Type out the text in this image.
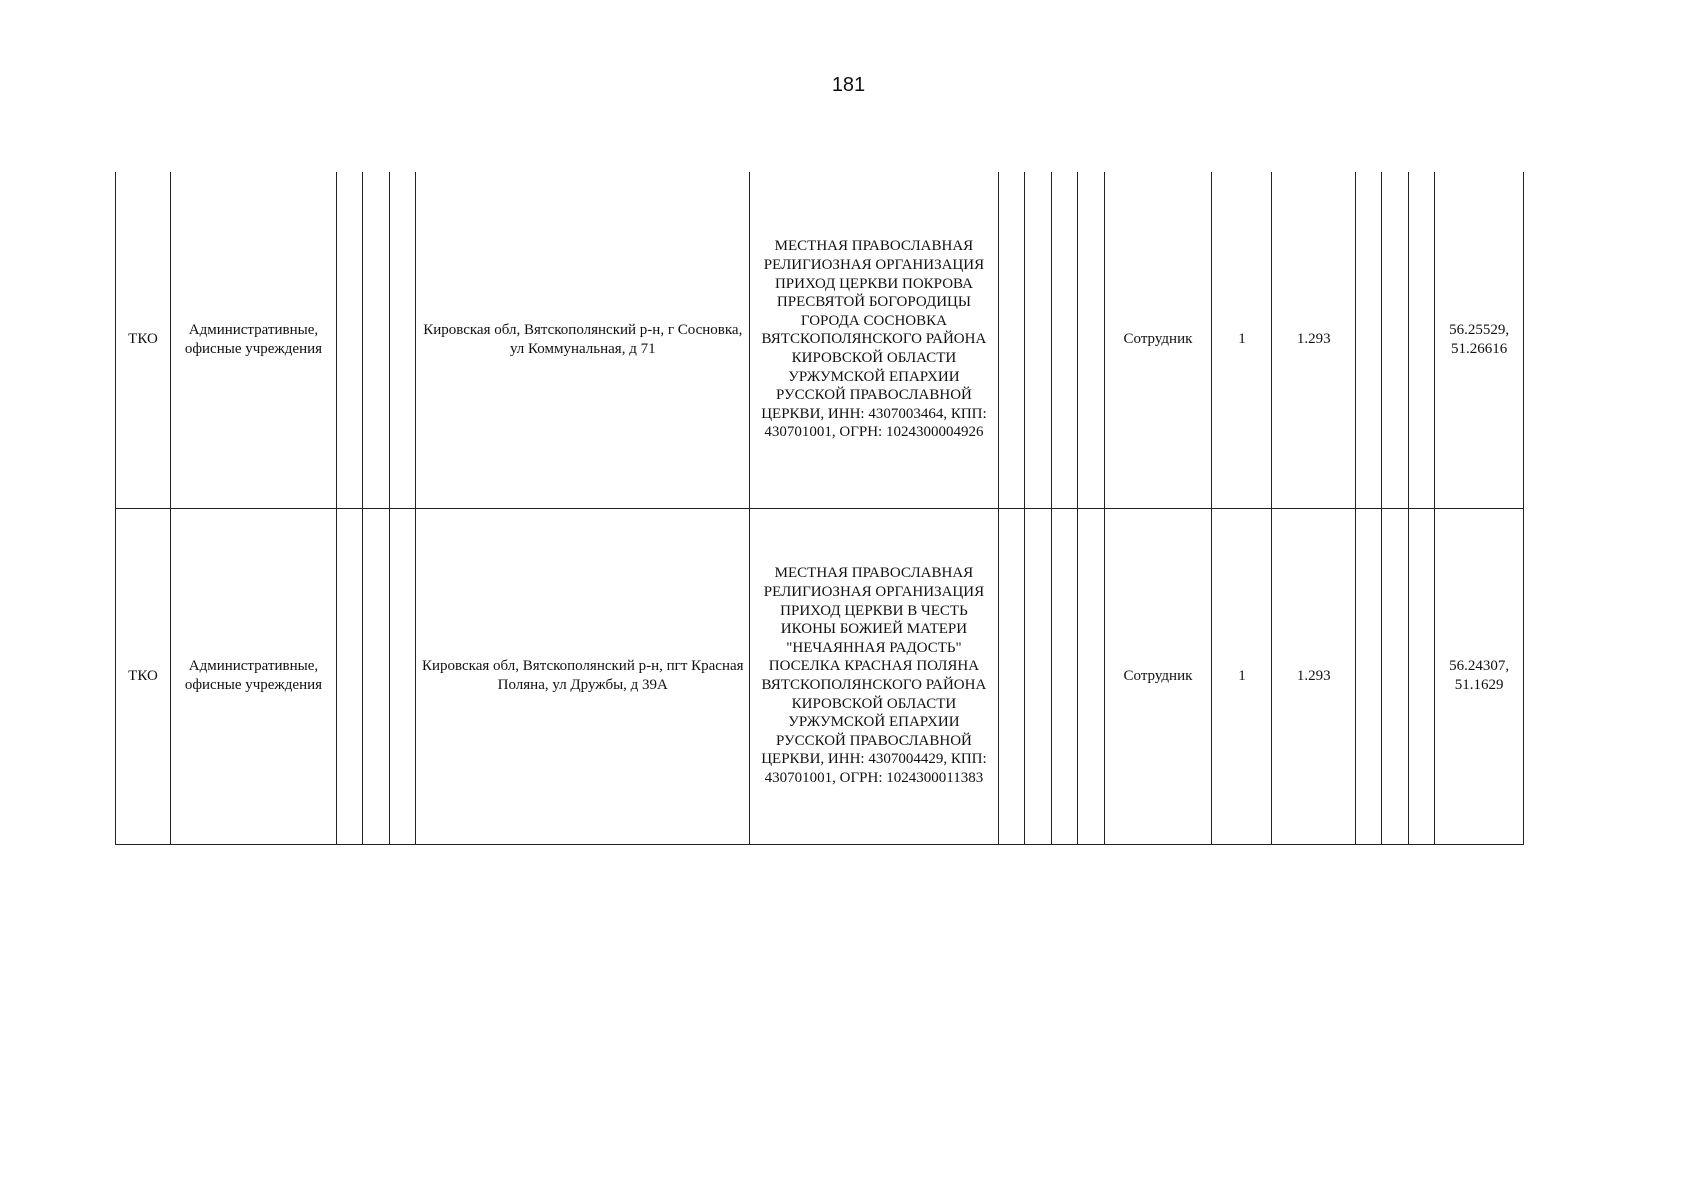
181
ТКО	Административные, офисные учреждения				Кировская обл, Вятскополянский р-н, г Сосновка, ул Коммунальная, д 71	МЕСТНАЯ ПРАВОСЛАВНАЯ РЕЛИГИОЗНАЯ ОРГАНИЗАЦИЯ ПРИХОД ЦЕРКВИ ПОКРОВА ПРЕСВЯТОЙ БОГОРОДИЦЫ ГОРОДА СОСНОВКА ВЯТСКОПОЛЯНСКОГО РАЙОНА КИРОВСКОЙ ОБЛАСТИ УРЖУМСКОЙ ЕПАРХИИ РУССКОЙ ПРАВОСЛАВНОЙ ЦЕРКВИ, ИНН: 4307003464, КПП: 430701001, ОГРН: 1024300004926					Сотрудник	1	1.293				56.25529, 51.26616
ТКО	Административные, офисные учреждения				Кировская обл, Вятскополянский р-н, пгт Красная Поляна, ул Дружбы, д 39А	МЕСТНАЯ ПРАВОСЛАВНАЯ РЕЛИГИОЗНАЯ ОРГАНИЗАЦИЯ ПРИХОД ЦЕРКВИ В ЧЕСТЬ ИКОНЫ БОЖИЕЙ МАТЕРИ "НЕЧАЯННАЯ РАДОСТЬ" ПОСЕЛКА КРАСНАЯ ПОЛЯНА ВЯТСКОПОЛЯНСКОГО РАЙОНА КИРОВСКОЙ ОБЛАСТИ УРЖУМСКОЙ ЕПАРХИИ РУССКОЙ ПРАВОСЛАВНОЙ ЦЕРКВИ, ИНН: 4307004429, КПП: 430701001, ОГРН: 1024300011383					Сотрудник	1	1.293				56.24307, 51.1629
